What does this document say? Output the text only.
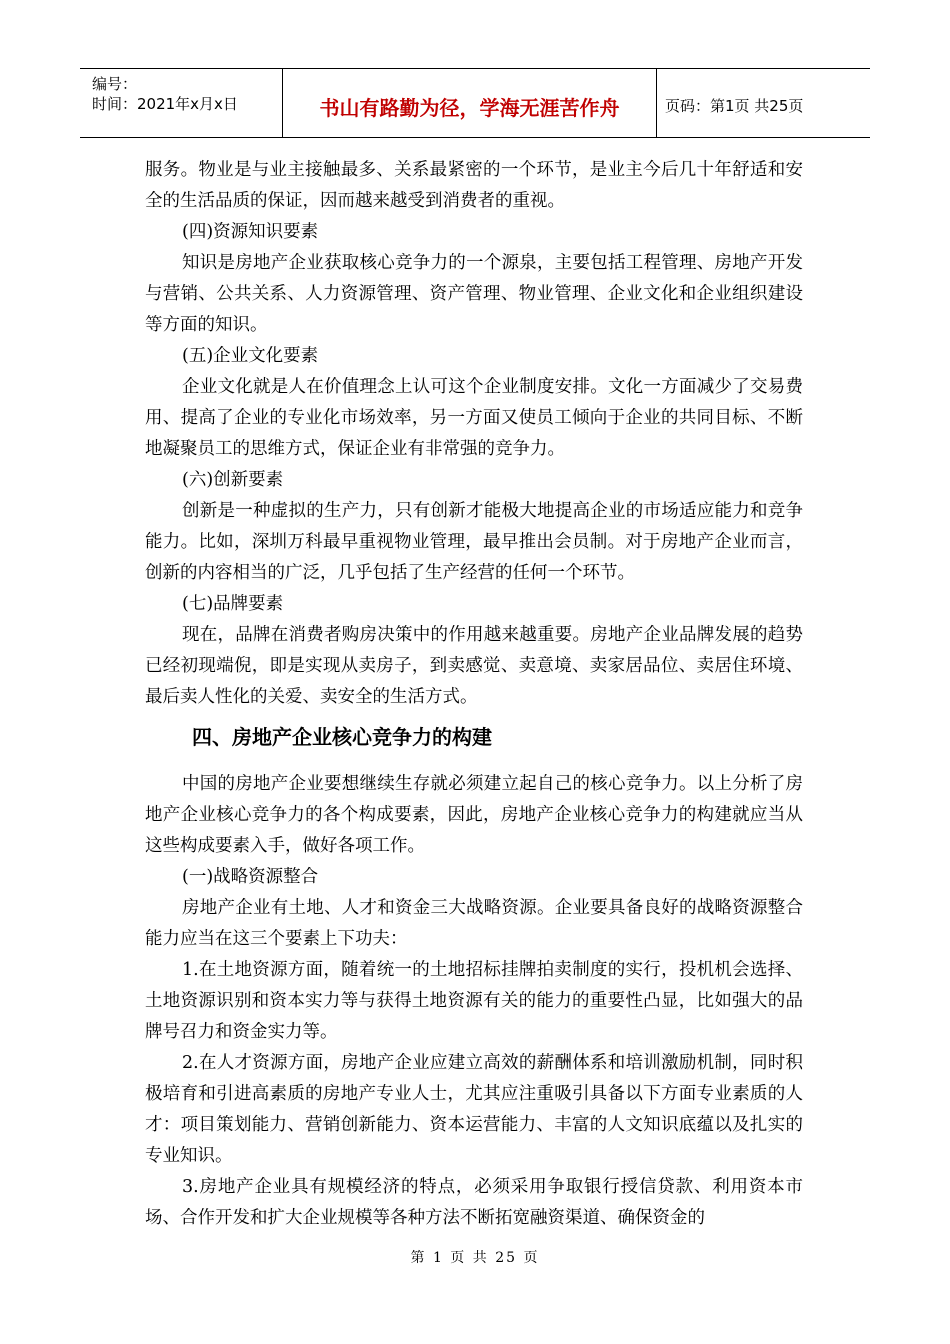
编号：
时间：2021年x月x日	书山有路勤为径，学海无涯苦作舟	页码：第1页 共25页

服务。物业是与业主接触最多、关系最紧密的一个环节，是业主今后几十年舒适和安全的生活品质的保证，因而越来越受到消费者的重视。

(四)资源知识要素

知识是房地产企业获取核心竞争力的一个源泉，主要包括工程管理、房地产开发与营销、公共关系、人力资源管理、资产管理、物业管理、企业文化和企业组织建设等方面的知识。

(五)企业文化要素

企业文化就是人在价值理念上认可这个企业制度安排。文化一方面减少了交易费用、提高了企业的专业化市场效率，另一方面又使员工倾向于企业的共同目标、不断地凝聚员工的思维方式，保证企业有非常强的竞争力。

(六)创新要素

创新是一种虚拟的生产力，只有创新才能极大地提高企业的市场适应能力和竞争能力。比如，深圳万科最早重视物业管理，最早推出会员制。对于房地产企业而言，创新的内容相当的广泛，几乎包括了生产经营的任何一个环节。

(七)品牌要素

现在，品牌在消费者购房决策中的作用越来越重要。房地产企业品牌发展的趋势已经初现端倪，即是实现从卖房子，到卖感觉、卖意境、卖家居品位、卖居住环境、最后卖人性化的关爱、卖安全的生活方式。

四、房地产企业核心竞争力的构建

中国的房地产企业要想继续生存就必须建立起自己的核心竞争力。以上分析了房地产企业核心竞争力的各个构成要素，因此，房地产企业核心竞争力的构建就应当从这些构成要素入手，做好各项工作。

(一)战略资源整合

房地产企业有土地、人才和资金三大战略资源。企业要具备良好的战略资源整合能力应当在这三个要素上下功夫：

1.在土地资源方面，随着统一的土地招标挂牌拍卖制度的实行，投机机会选择、土地资源识别和资本实力等与获得土地资源有关的能力的重要性凸显，比如强大的品牌号召力和资金实力等。

2.在人才资源方面，房地产企业应建立高效的薪酬体系和培训激励机制，同时积极培育和引进高素质的房地产专业人士，尤其应注重吸引具备以下方面专业素质的人才：项目策划能力、营销创新能力、资本运营能力、丰富的人文知识底蕴以及扎实的专业知识。

3.房地产企业具有规模经济的特点，必须采用争取银行授信贷款、利用资本市场、合作开发和扩大企业规模等各种方法不断拓宽融资渠道、确保资金的

第 1 页 共 25 页
